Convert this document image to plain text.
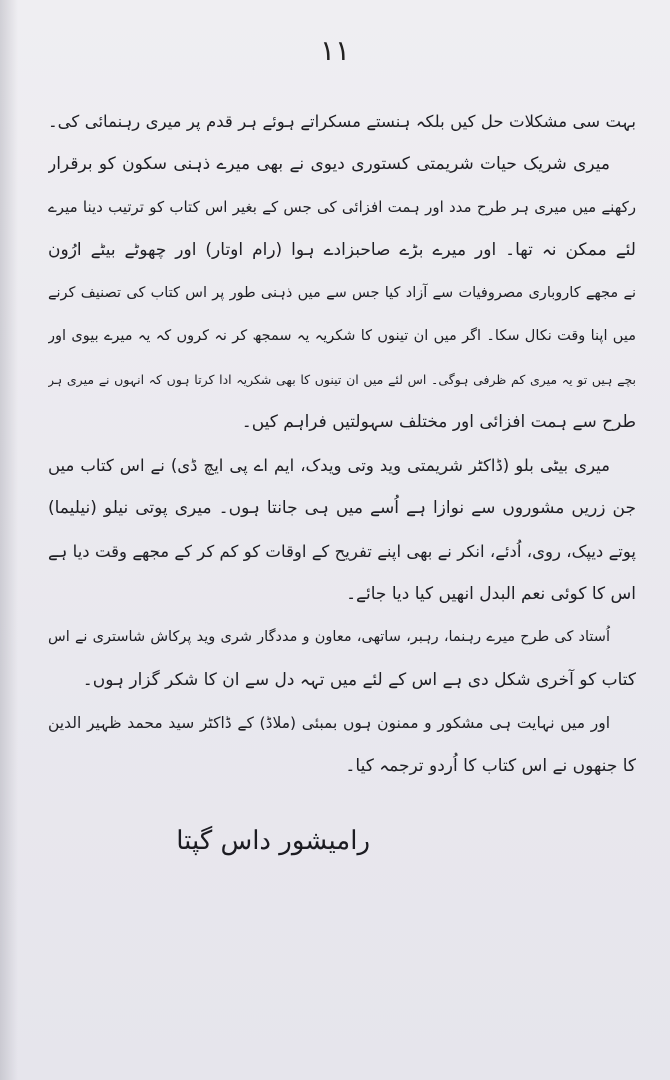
۱۱
بہت سی مشکلات حل کیں بلکہ ہنستے مسکراتے ہوئے ہر قدم پر میری رہنمائی کی۔
میری شریک حیات شریمتی کستوری دیوی نے بھی میرے ذہنی سکون کو برقرار
رکھنے میں میری ہر طرح مدد اور ہمت افزائی کی جس کے بغیر اس کتاب کو ترتیب دینا میرے
لئے ممکن نہ تھا۔ اور میرے بڑے صاحبزادے ہوا (رام اوتار) اور چھوٹے بیٹے ارُون
نے مجھے کاروباری مصروفیات سے آزاد کیا جس سے میں ذہنی طور پر اس کتاب کی تصنیف کرنے
میں اپنا وقت نکال سکا۔ اگر میں ان تینوں کا شکریہ یہ سمجھ کر نہ کروں کہ یہ میرے بیوی اور
بچے ہیں تو یہ میری کم ظرفی ہوگی۔ اس لئے میں ان تینوں کا بھی شکریہ ادا کرتا ہوں کہ انہوں نے میری ہر
طرح سے ہمت افزائی اور مختلف سہولتیں فراہم کیں۔
میری بیٹی بلو (ڈاکٹر شریمتی وید وتی ویدک، ایم اے پی ایچ ڈی) نے اس کتاب میں
جن زریں مشوروں سے نوازا ہے اُسے میں ہی جانتا ہوں۔ میری پوتی نیلو (نیلیما)
پوتے دیپک، روی، اُدئے، انکر نے بھی اپنے تفریح کے اوقات کو کم کر کے مجھے وقت دیا ہے
اس کا کوئی نعم البدل انھیں کیا دیا جائے۔
اُستاد کی طرح میرے رہنما، رہبر، ساتھی، معاون و مددگار شری وید پرکاش شاستری نے اس
کتاب کو آخری شکل دی ہے اس کے لئے میں تہہ دل سے ان کا شکر گزار ہوں۔
اور میں نہایت ہی مشکور و ممنون ہوں بمبئی (ملاڈ) کے ڈاکٹر سید محمد ظہیر الدین
کا جنھوں نے اس کتاب کا اُردو ترجمہ کیا۔
رامیشور داس گپتا
